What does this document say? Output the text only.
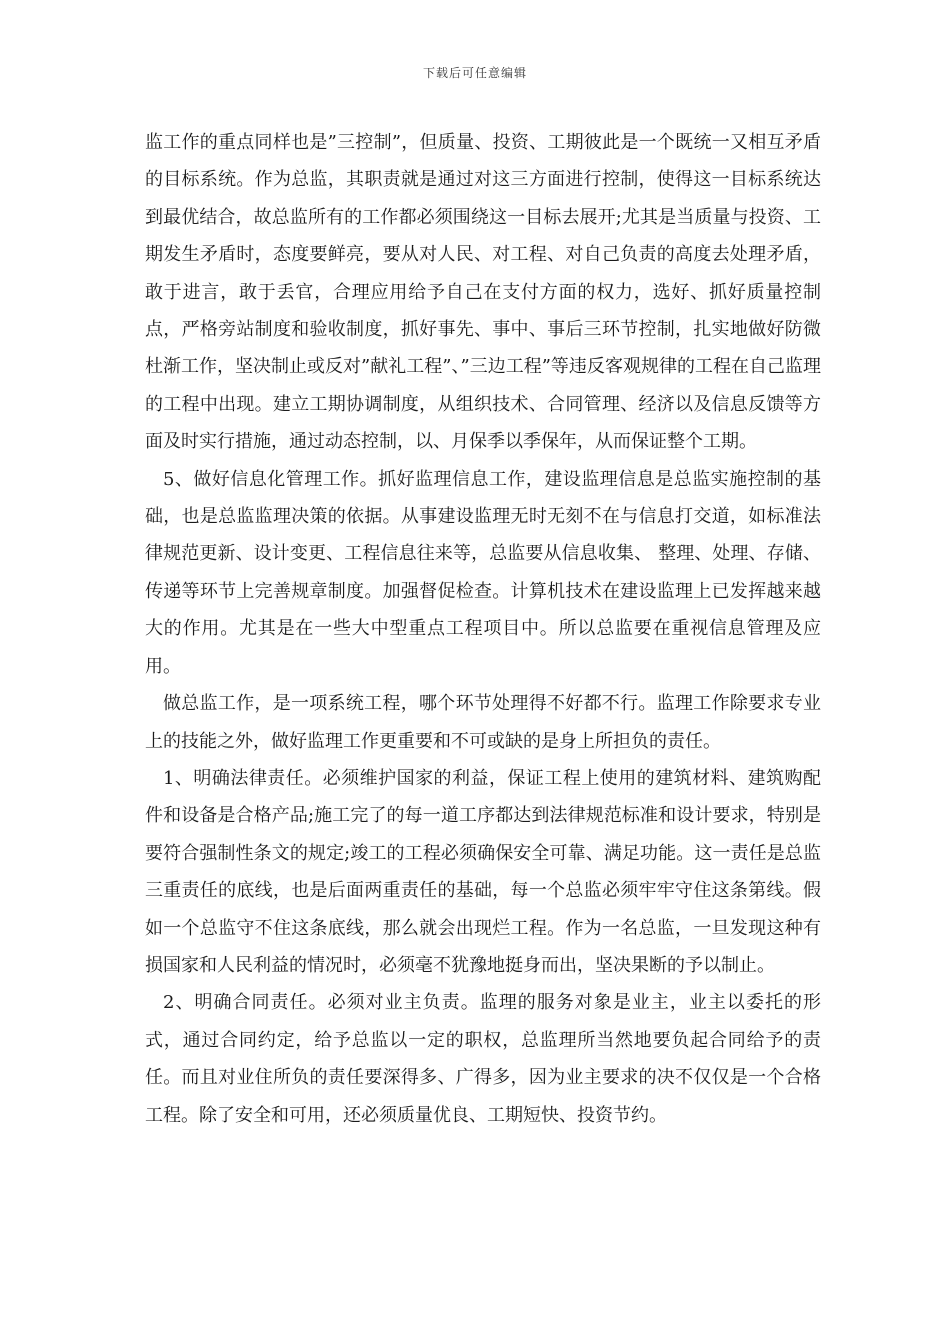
下载后可任意编辑

监工作的重点同样也是”三控制”，但质量、投资、工期彼此是一个既统一又相互矛盾的目标系统。作为总监，其职责就是通过对这三方面进行控制，使得这一目标系统达到最优结合，故总监所有的工作都必须围绕这一目标去展开;尤其是当质量与投资、工期发生矛盾时，态度要鲜亮，要从对人民、对工程、对自己负责的高度去处理矛盾，敢于进言，敢于丢官，合理应用给予自己在支付方面的权力，选好、抓好质量控制点，严格旁站制度和验收制度，抓好事先、事中、事后三环节控制，扎实地做好防微杜渐工作，坚决制止或反对”献礼工程”、”三边工程”等违反客观规律的工程在自己监理的工程中出现。建立工期协调制度，从组织技术、合同管理、经济以及信息反馈等方面及时实行措施，通过动态控制，以、月保季以季保年，从而保证整个工期。

5、做好信息化管理工作。抓好监理信息工作，建设监理信息是总监实施控制的基础，也是总监监理决策的依据。从事建设监理无时无刻不在与信息打交道，如标准法律规范更新、设计变更、工程信息往来等，总监要从信息收集、 整理、处理、存储、传递等环节上完善规章制度。加强督促检查。计算机技术在建设监理上已发挥越来越大的作用。尤其是在一些大中型重点工程项目中。所以总监要在重视信息管理及应用。

做总监工作，是一项系统工程，哪个环节处理得不好都不行。监理工作除要求专业上的技能之外，做好监理工作更重要和不可或缺的是身上所担负的责任。

1、明确法律责任。必须维护国家的利益，保证工程上使用的建筑材料、建筑购配件和设备是合格产品;施工完了的每一道工序都达到法律规范标准和设计要求，特别是要符合强制性条文的规定;竣工的工程必须确保安全可靠、满足功能。这一责任是总监三重责任的底线，也是后面两重责任的基础，每一个总监必须牢牢守住这条第线。假如一个总监守不住这条底线，那么就会出现烂工程。作为一名总监，一旦发现这种有损国家和人民利益的情况时，必须毫不犹豫地挺身而出，坚决果断的予以制止。

2、明确合同责任。必须对业主负责。监理的服务对象是业主，业主以委托的形式，通过合同约定，给予总监以一定的职权，总监理所当然地要负起合同给予的责任。而且对业住所负的责任要深得多、广得多，因为业主要求的决不仅仅是一个合格工程。除了安全和可用，还必须质量优良、工期短快、投资节约。
